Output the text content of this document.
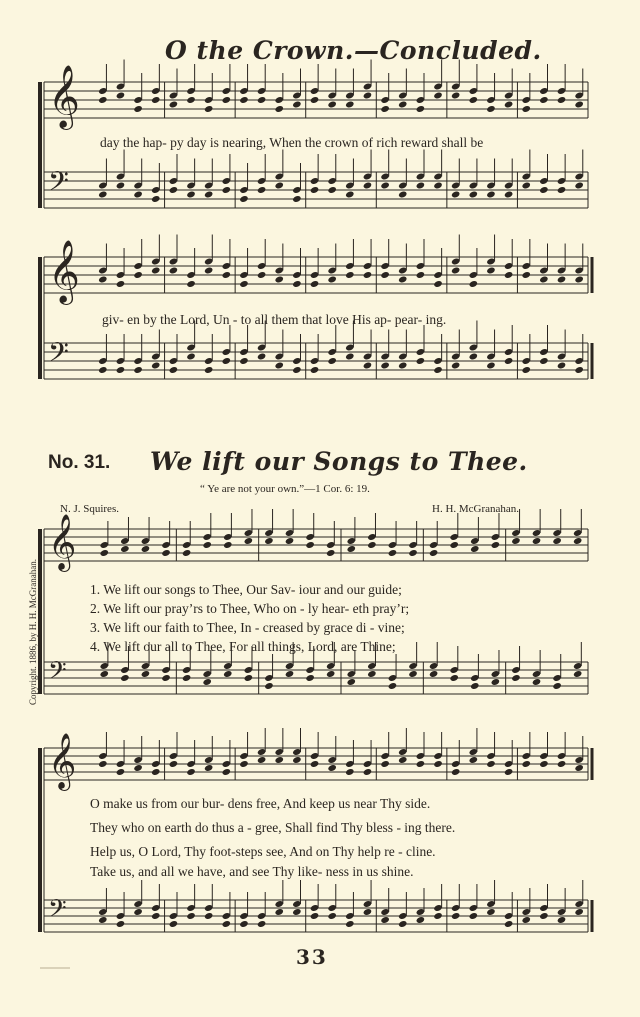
O the Crown.—Concluded.
day the hap- py day is nearing, When the crown of rich reward shall be
giv- en by the Lord, Un - to all them that love His ap- pear- ing.
No. 31. We lift our Songs to Thee.
“ Ye are not your own.”—1 Cor. 6: 19.
N. J. Squires.	H. H. McGranahan.
Copyright. 1886, by H. H. McGranahan.	1. We lift our songs to Thee, Our Sav- iour and our guide;
2. We lift our pray’rs to Thee, Who on - ly hear- eth pray’r;
3. We lift our faith to Thee, In - creased by grace di - vine;
4. We lift our all to Thee, For all things, Lord, are Thine;
O make us from our bur- dens free, And keep us near Thy side.
They who on earth do thus a - gree, Shall find Thy bless - ing there.
Help us, O Lord, Thy foot-steps see, And on Thy help re - cline.
Take us, and all we have, and see Thy like- ness in us shine.
33
𝄞
𝄢
𝄞
𝄢
𝄞
𝄢
𝄞
𝄢
